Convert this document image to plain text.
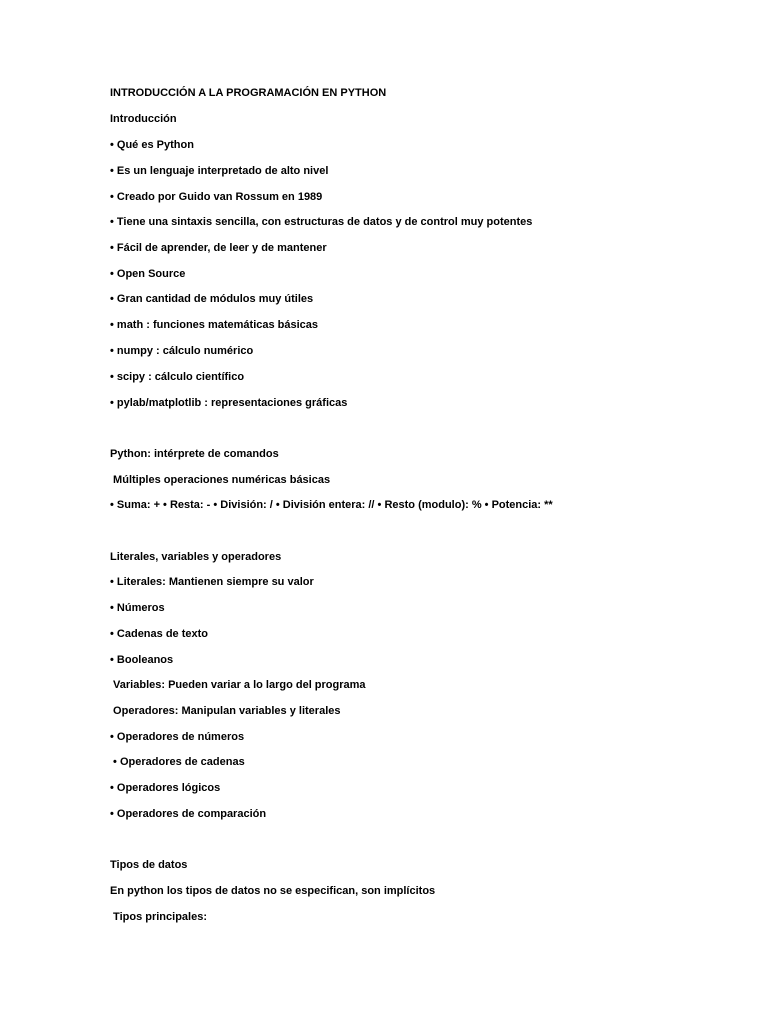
INTRODUCCIÓN A LA PROGRAMACIÓN EN PYTHON
Introducción
• Qué es Python
• Es un lenguaje interpretado de alto nivel
• Creado por Guido van Rossum en 1989
• Tiene una sintaxis sencilla, con estructuras de datos y de control muy potentes
• Fácil de aprender, de leer y de mantener
• Open Source
• Gran cantidad de módulos muy útiles
• math : funciones matemáticas básicas
• numpy : cálculo numérico
• scipy : cálculo científico
• pylab/matplotlib : representaciones gráficas
Python: intérprete de comandos
Múltiples operaciones numéricas básicas
• Suma: + • Resta: - • División: / • División entera: // • Resto (modulo): % • Potencia: **
Literales, variables y operadores
• Literales: Mantienen siempre su valor
• Números
• Cadenas de texto
• Booleanos
Variables: Pueden variar a lo largo del programa
Operadores: Manipulan variables y literales
• Operadores de números
• Operadores de cadenas
• Operadores lógicos
• Operadores de comparación
Tipos de datos
En python los tipos de datos no se especifican, son implícitos
Tipos principales:
